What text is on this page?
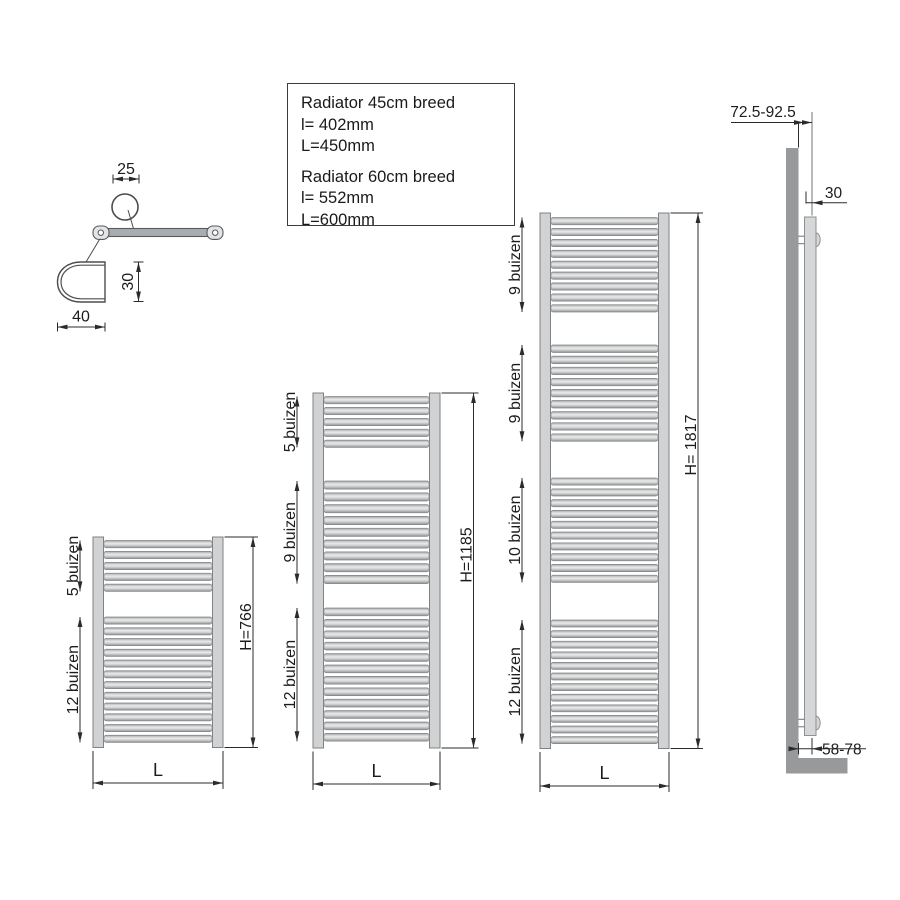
25
30
40
5 buizen
12 buizen
H=766
L
5 buizen
9 buizen
12 buizen
H=1185
L
9 buizen
9 buizen
10 buizen
12 buizen
H= 1817
L
72.5-92.5
30
58-78
Radiator 45cm breed
l= 402mm
L=450mm
Radiator 60cm breed
l= 552mm
L=600mm
